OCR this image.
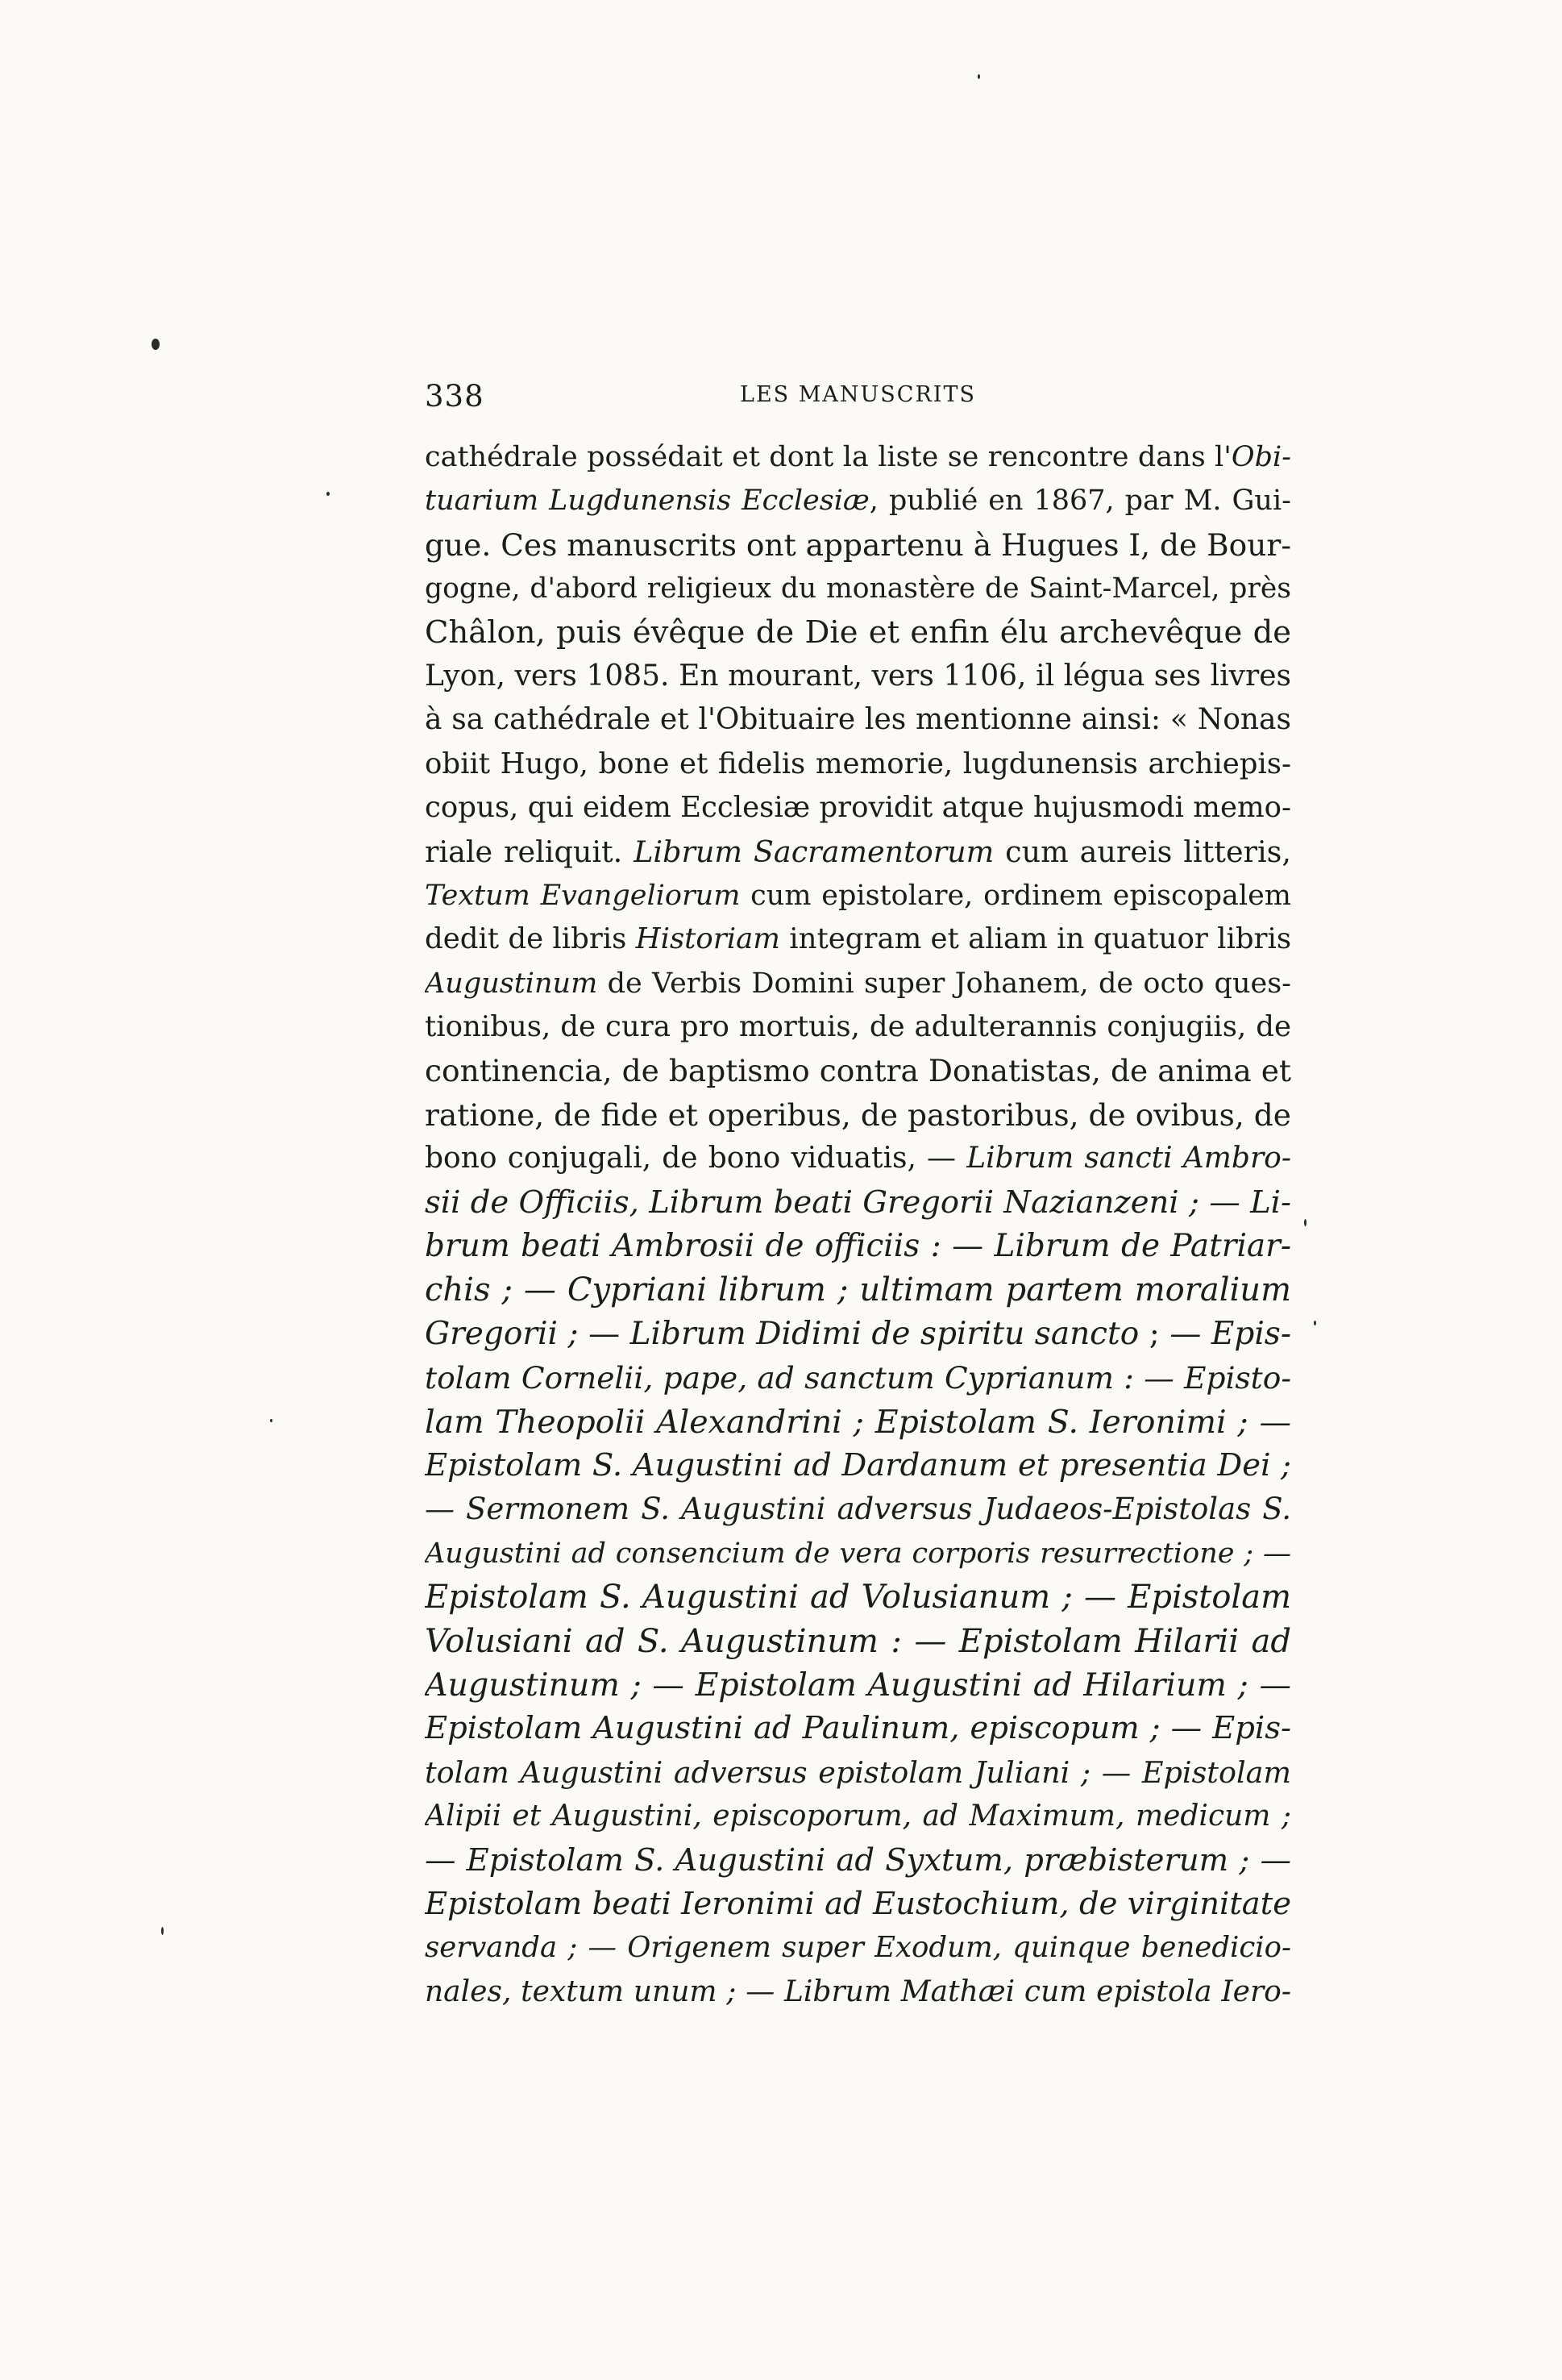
338	LES MANUSCRITS
cathédrale possédait et dont la liste se rencontre dans l'Obi-
tuarium Lugdunensis Ecclesiæ, publié en 1867, par M. Gui-
gue. Ces manuscrits ont appartenu à Hugues I, de Bour-
gogne, d'abord religieux du monastère de Saint-Marcel, près
Châlon, puis évêque de Die et enfin élu archevêque de
Lyon, vers 1085. En mourant, vers 1106, il légua ses livres
à sa cathédrale et l'Obituaire les mentionne ainsi: « Nonas
obiit Hugo, bone et fidelis memorie, lugdunensis archiepis-
copus, qui eidem Ecclesiæ providit atque hujusmodi memo-
riale reliquit. Librum Sacramentorum cum aureis litteris,
Textum Evangeliorum cum epistolare, ordinem episcopalem
dedit de libris Historiam integram et aliam in quatuor libris
Augustinum de Verbis Domini super Johanem, de octo ques-
tionibus, de cura pro mortuis, de adulterannis conjugiis, de
continencia, de baptismo contra Donatistas, de anima et
ratione, de fide et operibus, de pastoribus, de ovibus, de
bono conjugali, de bono viduatis, — Librum sancti Ambro-
sii de Officiis, Librum beati Gregorii Nazianzeni ; — Li-
brum beati Ambrosii de officiis : — Librum de Patriar-
chis ; — Cypriani librum ; ultimam partem moralium
Gregorii ; — Librum Didimi de spiritu sancto ; — Epis-
tolam Cornelii, pape, ad sanctum Cyprianum : — Episto-
lam Theopolii Alexandrini ; Epistolam S. Ieronimi ; —
Epistolam S. Augustini ad Dardanum et presentia Dei ;
— Sermonem S. Augustini adversus Judaeos-Epistolas S.
Augustini ad consencium de vera corporis resurrectione ; —
Epistolam S. Augustini ad Volusianum ; — Epistolam
Volusiani ad S. Augustinum : — Epistolam Hilarii ad
Augustinum ; — Epistolam Augustini ad Hilarium ; —
Epistolam Augustini ad Paulinum, episcopum ; — Epis-
tolam Augustini adversus epistolam Juliani ; — Epistolam
Alipii et Augustini, episcoporum, ad Maximum, medicum ;
— Epistolam S. Augustini ad Syxtum, præbisterum ; —
Epistolam beati Ieronimi ad Eustochium, de virginitate
servanda ; — Origenem super Exodum, quinque benedicio-
nales, textum unum ; — Librum Mathæi cum epistola Iero-
